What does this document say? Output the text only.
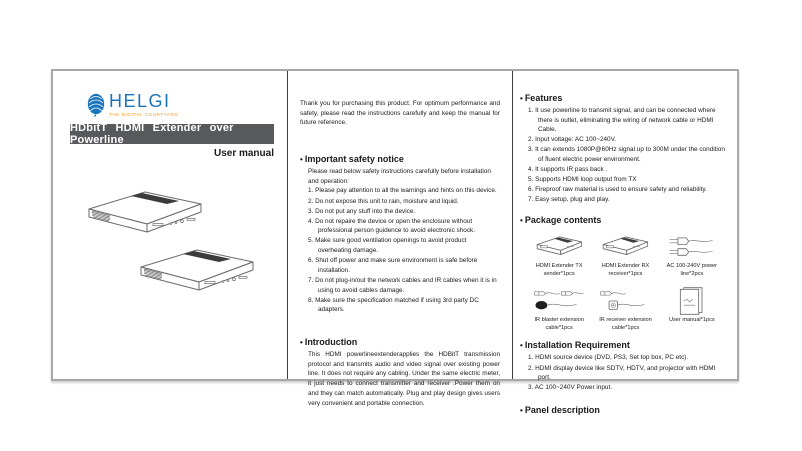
HELGI
THE DIGITAL COURTYARD
HDbitT HDMI Extender over Powerline
User manual
Thank you for purchasing this product. For optimum performance and safety, please read the instructions carefully and keep the manual for future reference.
• Important safety notice
Please read below safety instructions carefully before installation and operation:
1. Please pay attention to all the warnings and hints on this device.
2. Do not expose this unit to rain, moisture and liquid.
3. Do not put any stuff into the device.
4. Do not repaire the device or open the enclosure without professional person guidence to avoid electronic shock.
5. Make sure good ventilation openings to avoid product overheating damage.
6. Shut off power and make sure environment is safe before installation.
7. Do not plug-in/out the network cables and IR cables when it is in using to avoid cables damage.
8. Make sure the specification matched if using 3rd party DC adapters.
• Introduction
This HDMI powerlineextenderapplies the HDBitT transmission protocol and transmits audio and video signal over existing power line. It does not require any cabling. Under the same electric meter, it just needs to connect transmitter and receiver .Power them on and they can match automatically. Plug and play design gives users very convenient and portable connection.
• Features
1. It use powerline to transmit signal, and can be connected where there is outlet, eliminating the wiring of network cable or HDMI Cable.
2. Input voltage: AC 100~240V.
3. It can extends 1080P@60Hz signal up to 300M under the condition of fluent electric power environment.
4. It supports IR pass back .
5. Supports HDMI loop output from TX
6. Fireproof raw material is used to ensure safety and reliability.
7. Easy setup, plug and play.
• Package contents
HDMI Extender TX sender*1pcs
HDMI Extender RX receiver*1pcs
AC 100-240V power line*2pcs
IR blaster extension cable*1pcs
IR receiver extension cable*1pcs
User manual*1pcs
• Installation Requirement
1. HDMI source device (DVD, PS3, Set top box, PC etc).
2. HDMI display device like SDTV, HDTV, and projector with HDMI port.
3. AC 100~240V Power input.
• Panel description
